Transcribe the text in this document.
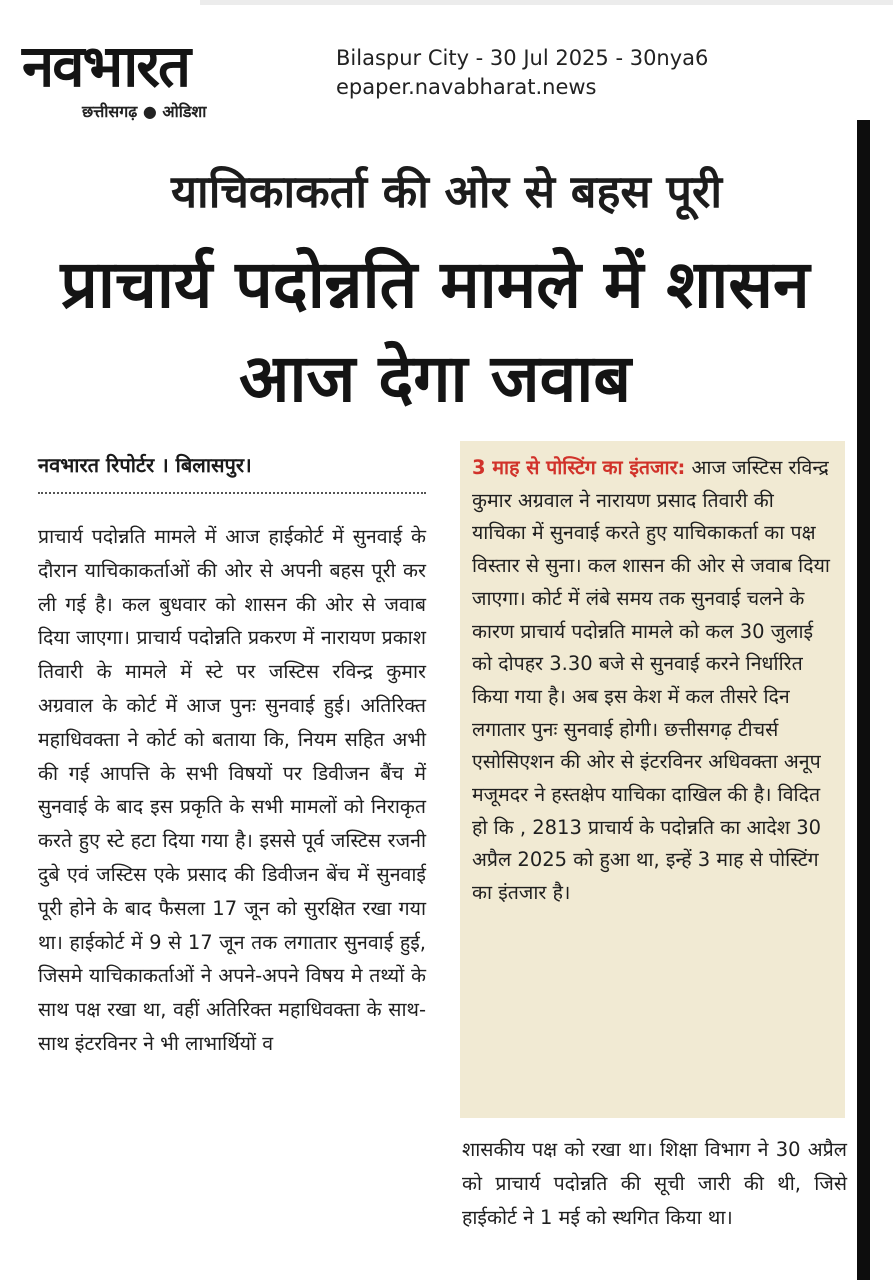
नवभारत
छत्तीसगढ़ ● ओडिशा
Bilaspur City - 30 Jul 2025 - 30nya6
epaper.navabharat.news
याचिकाकर्ता की ओर से बहस पूरी
प्राचार्य पदोन्नति मामले में शासन आज देगा जवाब
नवभारत रिपोर्टर । बिलासपुर।
प्राचार्य पदोन्नति मामले में आज हाईकोर्ट में सुनवाई के दौरान याचिकाकर्ताओं की ओर से अपनी बहस पूरी कर ली गई है। कल बुधवार को शासन की ओर से जवाब दिया जाएगा। प्राचार्य पदोन्नति प्रकरण में नारायण प्रकाश तिवारी के मामले में स्टे पर जस्टिस रविन्द्र कुमार अग्रवाल के कोर्ट में आज पुनः सुनवाई हुई। अतिरिक्त महाधिवक्ता ने कोर्ट को बताया कि, नियम सहित अभी की गई आपत्ति के सभी विषयों पर डिवीजन बैंच में सुनवाई के बाद इस प्रकृति के सभी मामलों को निराकृत करते हुए स्टे हटा दिया गया है। इससे पूर्व जस्टिस रजनी दुबे एवं जस्टिस एके प्रसाद की डिवीजन बेंच में सुनवाई पूरी होने के बाद फैसला 17 जून को सुरक्षित रखा गया था। हाईकोर्ट में 9 से 17 जून तक लगातार सुनवाई हुई, जिसमे याचिकाकर्ताओं ने अपने-अपने विषय मे तथ्यों के साथ पक्ष रखा था, वहीं अतिरिक्त महाधिवक्ता के साथ-साथ इंटरविनर ने भी लाभार्थियों व
3 माह से पोस्टिंग का इंतजार: आज जस्टिस रविन्द्र कुमार अग्रवाल ने नारायण प्रसाद तिवारी की याचिका में सुनवाई करते हुए याचिकाकर्ता का पक्ष विस्तार से सुना। कल शासन की ओर से जवाब दिया जाएगा। कोर्ट में लंबे समय तक सुनवाई चलने के कारण प्राचार्य पदोन्नति मामले को कल 30 जुलाई को दोपहर 3.30 बजे से सुनवाई करने निर्धारित किया गया है। अब इस केश में कल तीसरे दिन लगातार पुनः सुनवाई होगी। छत्तीसगढ़ टीचर्स एसोसिएशन की ओर से इंटरविनर अधिवक्ता अनूप मजूमदर ने हस्तक्षेप याचिका दाखिल की है। विदित हो कि , 2813 प्राचार्य के पदोन्नति का आदेश 30 अप्रैल 2025 को हुआ था, इन्हें 3 माह से पोस्टिंग का इंतजार है।
शासकीय पक्ष को रखा था। शिक्षा विभाग ने 30 अप्रैल को प्राचार्य पदोन्नति की सूची जारी की थी, जिसे हाईकोर्ट ने 1 मई को स्थगित किया था।
